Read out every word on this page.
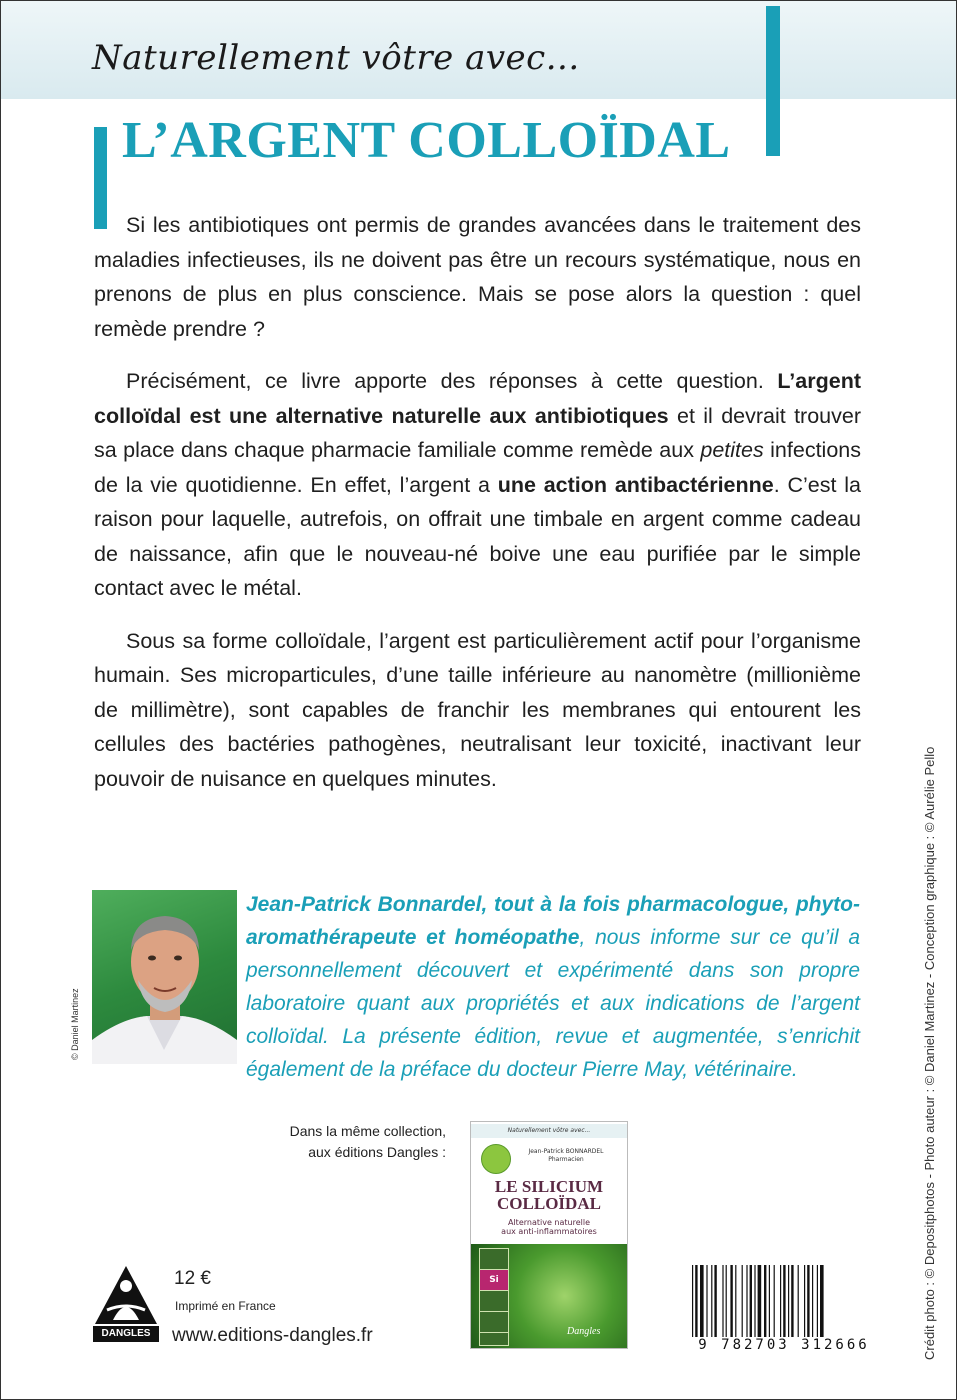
Naturellement vôtre avec...
L’ARGENT COLLOÏDAL

Si les antibiotiques ont permis de grandes avancées dans le traitement des maladies infectieuses, ils ne doivent pas être un recours systématique, nous en prenons de plus en plus conscience. Mais se pose alors la question : quel remède prendre ?

Précisément, ce livre apporte des réponses à cette question. L’argent colloïdal est une alternative naturelle aux antibiotiques et il devrait trouver sa place dans chaque pharmacie familiale comme remède aux petites infections de la vie quotidienne. En effet, l’argent a une action antibactérienne. C’est la raison pour laquelle, autrefois, on offrait une timbale en argent comme cadeau de naissance, afin que le nouveau-né boive une eau purifiée par le simple contact avec le métal.

Sous sa forme colloïdale, l’argent est particulièrement actif pour l’organisme humain. Ses microparticules, d’une taille inférieure au nanomètre (millionième de millimètre), sont capables de franchir les membranes qui entourent les cellules des bactéries pathogènes, neutralisant leur toxicité, inactivant leur pouvoir de nuisance en quelques minutes.

© Daniel Martinez
Jean-Patrick Bonnardel, tout à la fois pharmacologue, phyto-aromathérapeute et homéopathe, nous informe sur ce qu’il a personnellement découvert et expérimenté dans son propre laboratoire quant aux propriétés et aux indications de l’argent colloïdal. La présente édition, revue et augmentée, s’enrichit également de la préface du docteur Pierre May, vétérinaire.
Dans la même collection,
aux éditions Dangles :
Naturellement vôtre avec...
Jean-Patrick BONNARDEL
Pharmacien
LE SILICIUM
COLLOÏDAL
Alternative naturelle
aux anti-inflammatoires
Si
Dangles
DANGLES
12 €
Imprimé en France
www.editions-dangles.fr	9 782703 312666	Crédit photo : © Depositphotos - Photo auteur : © Daniel Martinez - Conception graphique : © Aurélie Pello
